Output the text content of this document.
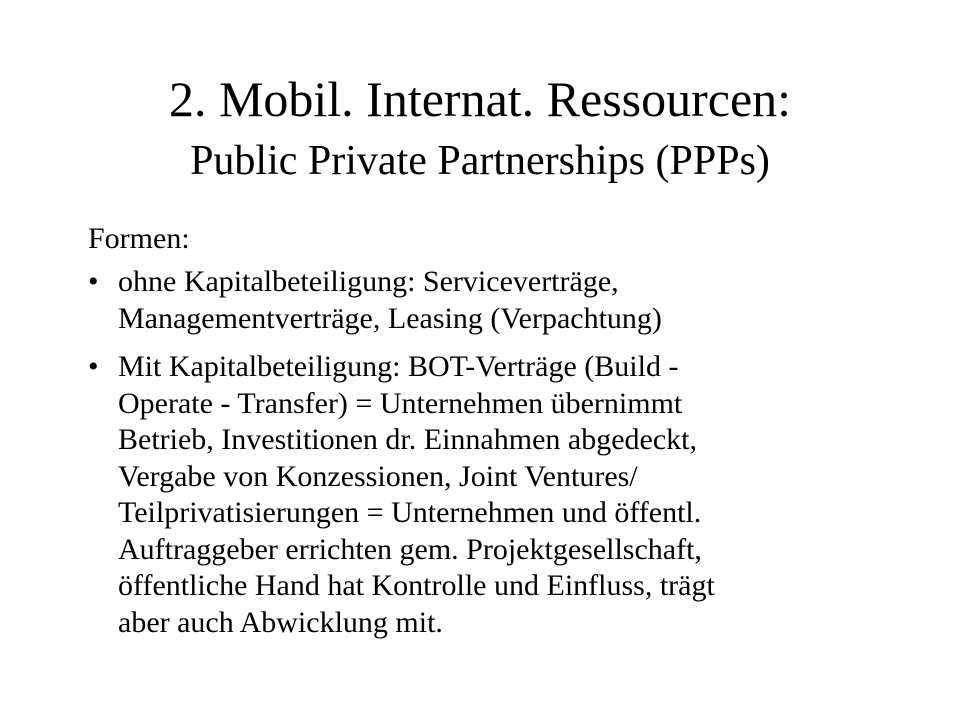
2. Mobil. Internat. Ressourcen:
Public Private Partnerships (PPPs)
Formen:
• ohne Kapitalbeteiligung: Serviceverträge,
Managementverträge, Leasing (Verpachtung)
• Mit Kapitalbeteiligung: BOT-Verträge (Build -
Operate - Transfer) = Unternehmen übernimmt
Betrieb, Investitionen dr. Einnahmen abgedeckt,
Vergabe von Konzessionen, Joint Ventures/
Teilprivatisierungen = Unternehmen und öffentl.
Auftraggeber errichten gem. Projektgesellschaft,
öffentliche Hand hat Kontrolle und Einfluss, trägt
aber auch Abwicklung mit.
